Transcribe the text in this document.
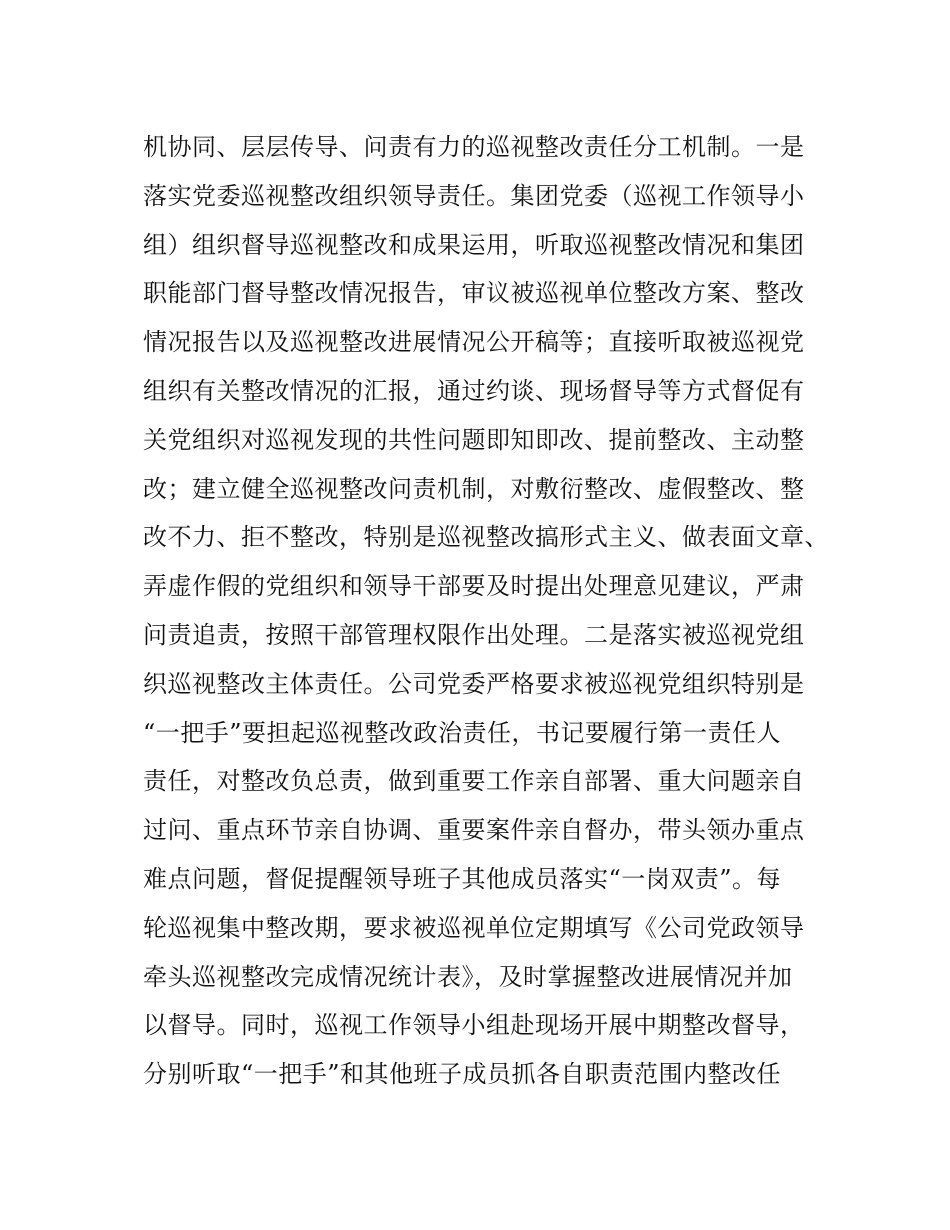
机协同、层层传导、问责有力的巡视整改责任分工机制。一是
落实党委巡视整改组织领导责任。集团党委（巡视工作领导小
组）组织督导巡视整改和成果运用，听取巡视整改情况和集团
职能部门督导整改情况报告，审议被巡视单位整改方案、整改
情况报告以及巡视整改进展情况公开稿等；直接听取被巡视党
组织有关整改情况的汇报，通过约谈、现场督导等方式督促有
关党组织对巡视发现的共性问题即知即改、提前整改、主动整
改；建立健全巡视整改问责机制，对敷衍整改、虚假整改、整
改不力、拒不整改，特别是巡视整改搞形式主义、做表面文章、
弄虚作假的党组织和领导干部要及时提出处理意见建议，严肃
问责追责，按照干部管理权限作出处理。二是落实被巡视党组
织巡视整改主体责任。公司党委严格要求被巡视党组织特别是
“一把手”要担起巡视整改政治责任，书记要履行第一责任人
责任，对整改负总责，做到重要工作亲自部署、重大问题亲自
过问、重点环节亲自协调、重要案件亲自督办，带头领办重点
难点问题，督促提醒领导班子其他成员落实“一岗双责”。每
轮巡视集中整改期，要求被巡视单位定期填写《公司党政领导
牵头巡视整改完成情况统计表》，及时掌握整改进展情况并加
以督导。同时，巡视工作领导小组赴现场开展中期整改督导，
分别听取“一把手”和其他班子成员抓各自职责范围内整改任
